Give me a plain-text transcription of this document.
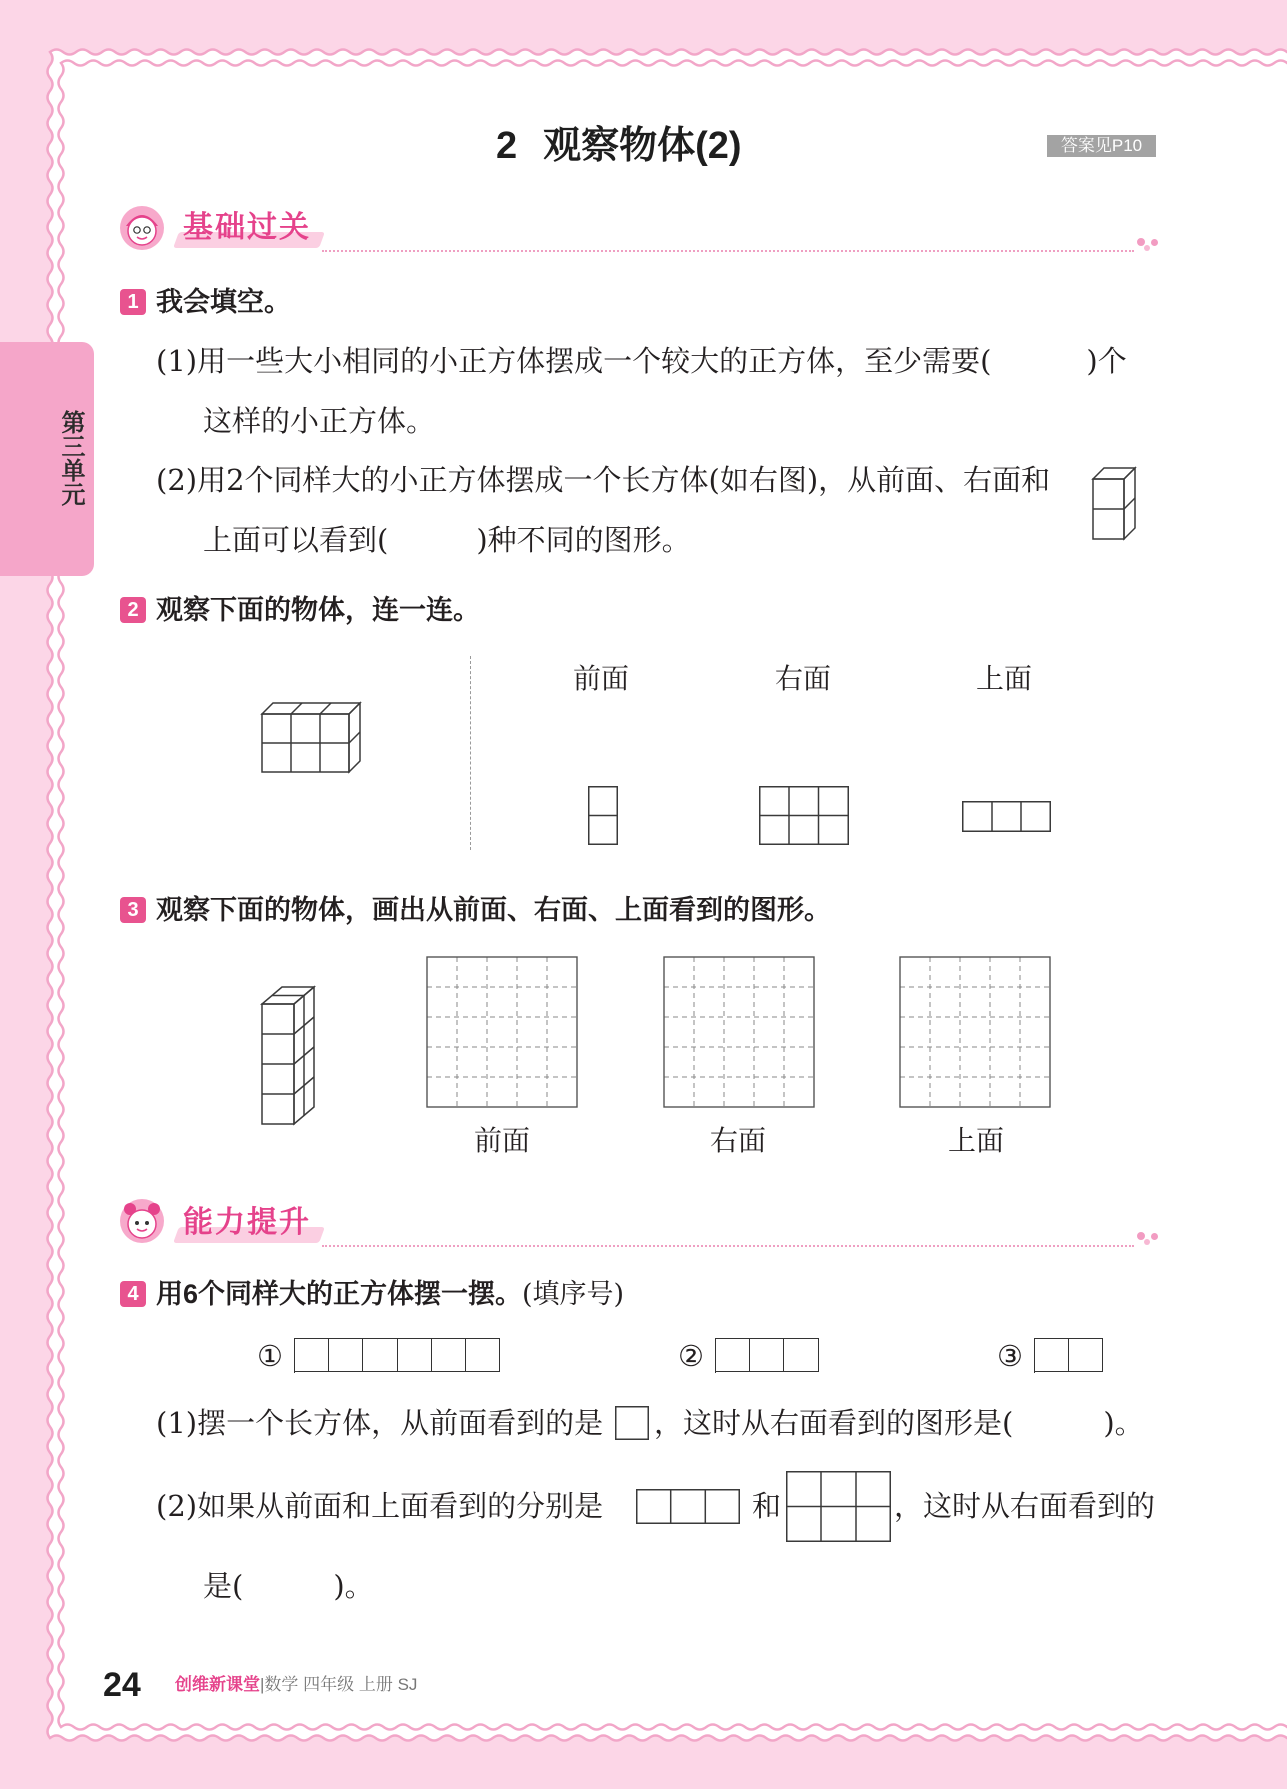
第三单元
2 观察物体(2)	答案见P10
基础过关
1 我会填空。
(1)用一些大小相同的小正方体摆成一个较大的正方体，至少需要(	)个
这样的小正方体。
(2)用2个同样大的小正方体摆成一个长方体(如右图)，从前面、右面和
上面可以看到(	)种不同的图形。
2 观察下面的物体，连一连。
前面	右面	上面
3 观察下面的物体，画出从前面、右面、上面看到的图形。
前面	右面	上面
能力提升
4 用6个同样大的正方体摆一摆。(填序号)
①	②	③
(1)摆一个长方体，从前面看到的是 ，这时从右面看到的图形是(	)。
(2)如果从前面和上面看到的分别是	和	，这时从右面看到的
是(	)。
24 创维新课堂|数学 四年级 上册 SJ
